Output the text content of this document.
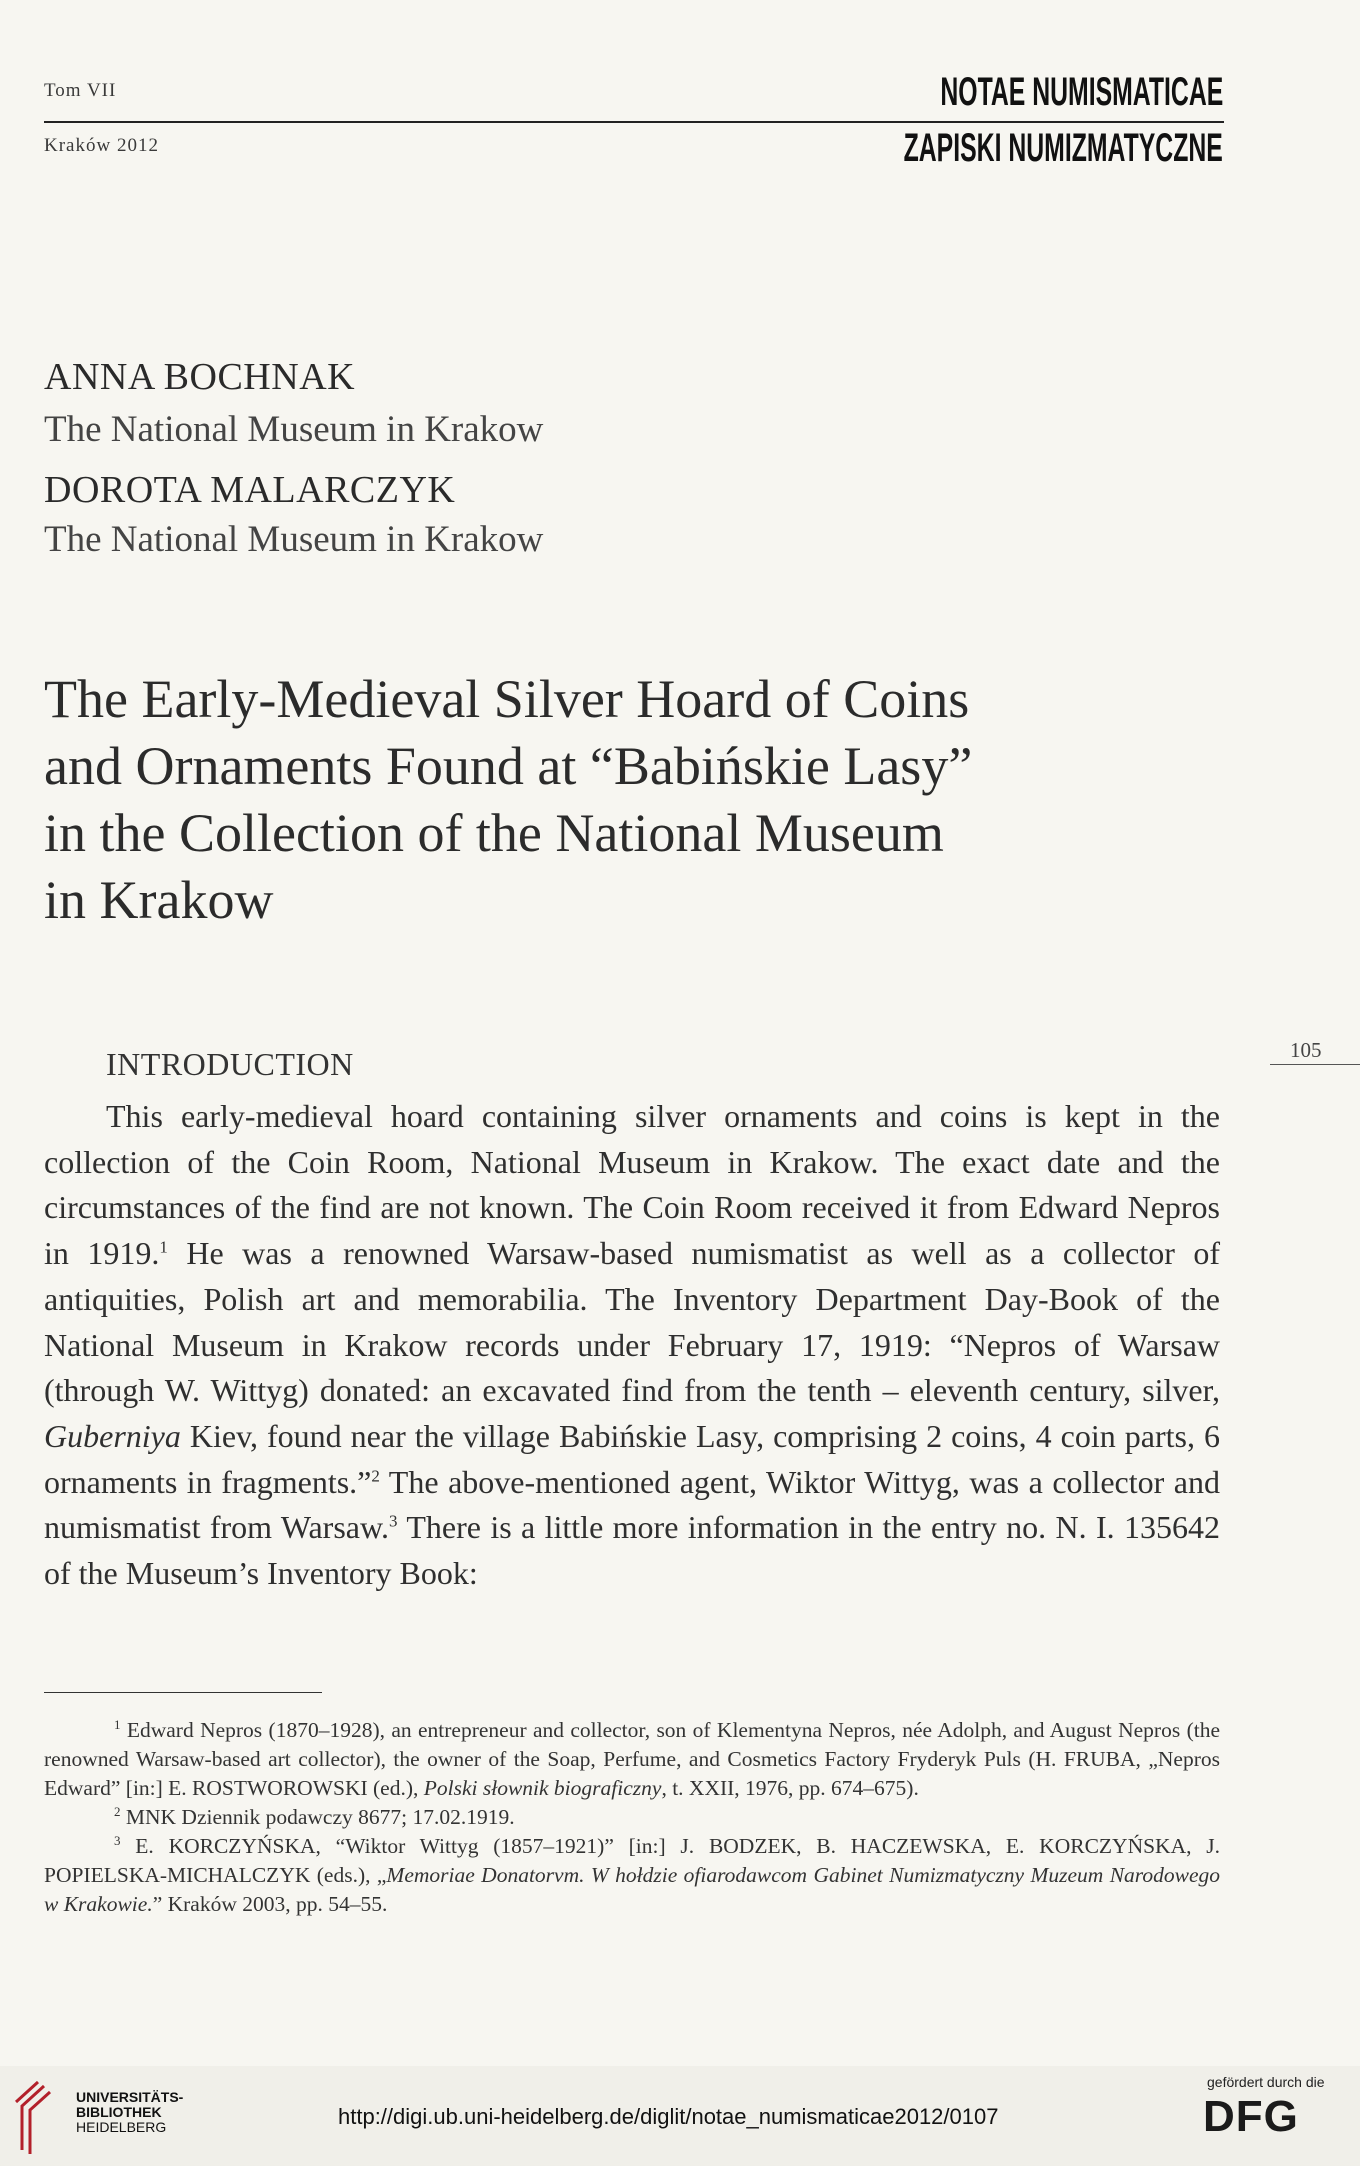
Tom VII
Kraków 2012
NOTAE NUMISMATICAE
ZAPISKI NUMIZMATYCZNE
ANNA BOCHNAK
The National Museum in Krakow
DOROTA MALARCZYK
The National Museum in Krakow
The Early-Medieval Silver Hoard of Coins
and Ornaments Found at “Babińskie Lasy”
in the Collection of the National Museum
in Krakow
105
INTRODUCTION
This early-medieval hoard containing silver ornaments and coins is kept in the collection of the Coin Room, National Museum in Krakow. The exact date and the circumstances of the find are not known. The Coin Room received it from Edward Nepros in 1919.$^1$ He was a renowned Warsaw-based numismatist as well as a collector of antiquities, Polish art and memorabilia. The Inventory Department Day-Book of the National Museum in Krakow records under February 17, 1919: “Nepros of Warsaw (through W. Wittyg) donated: an excavated find from the tenth – eleventh century, silver, Guberniya Kiev, found near the village Babińskie Lasy, comprising 2 coins, 4 coin parts, 6 ornaments in fragments.”$^2$ The above-mentioned agent, Wiktor Wittyg, was a collector and numismatist from Warsaw.$^3$ There is a little more information in the entry no. N. I. 135642 of the Museum’s Inventory Book:

$^1$ Edward Nepros (1870–1928), an entrepreneur and collector, son of Klementyna Nepros, née Adolph, and August Nepros (the renowned Warsaw-based art collector), the owner of the Soap, Perfume, and Cosmetics Factory Fryderyk Puls (H. FRUBA, „Nepros Edward” [in:] E. ROSTWOROWSKI (ed.), Polski słownik biograficzny, t. XXII, 1976, pp. 674–675).

$^2$ MNK Dziennik podawczy 8677; 17.02.1919.

$^3$ E. KORCZYŃSKA, “Wiktor Wittyg (1857–1921)” [in:] J. BODZEK, B. HACZEWSKA, E. KORCZYŃSKA, J. POPIELSKA-MICHALCZYK (eds.), „Memoriae Donatorvm. W hołdzie ofiarodawcom Gabinet Numizmatyczny Muzeum Narodowego w Krakowie.” Kraków 2003, pp. 54–55.

UNIVERSITÄTS-
BIBLIOTHEK
HEIDELBERG	http://digi.ub.uni-heidelberg.de/diglit/notae_numismaticae2012/0107
gefördert durch die
DFG
